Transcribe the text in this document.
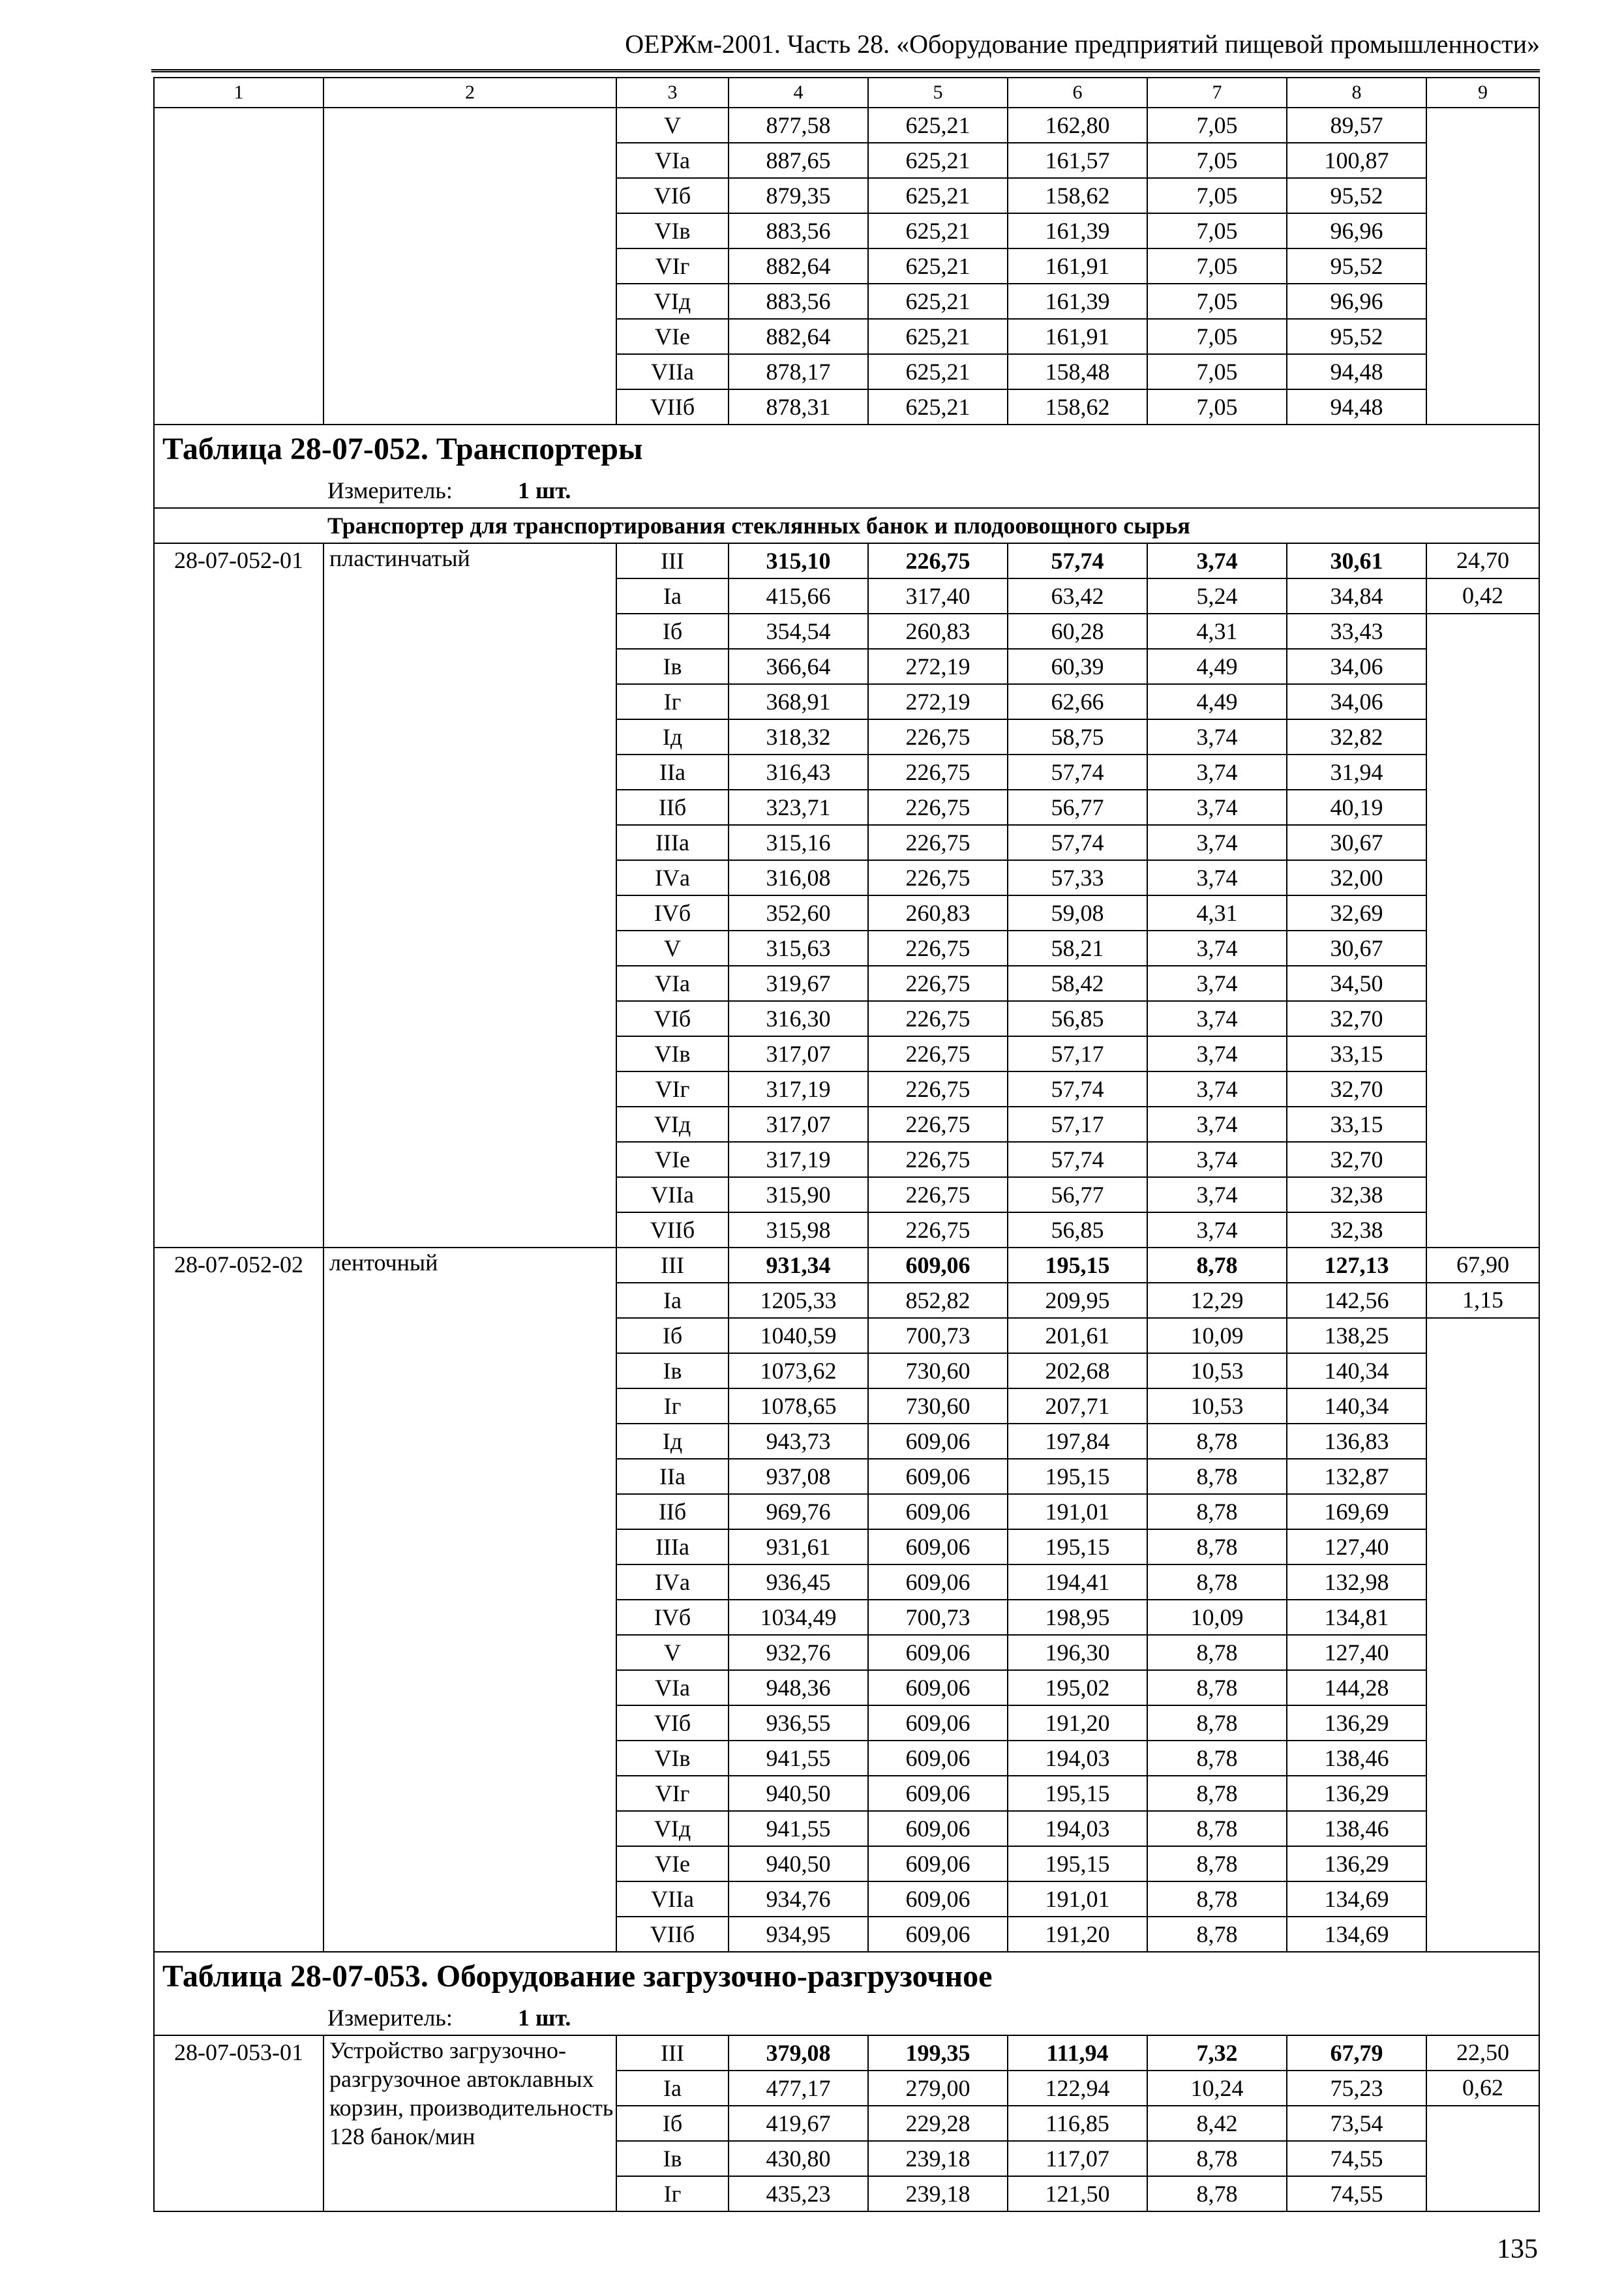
ОЕРЖм-2001. Часть 28. «Оборудование предприятий пищевой промышленности»
1	2	3	4	5	6	7	8	9
		V	877,58	625,21	162,80	7,05	89,57	
		VIа	887,65	625,21	161,57	7,05	100,87	
		VIб	879,35	625,21	158,62	7,05	95,52	
		VIв	883,56	625,21	161,39	7,05	96,96	
		VIг	882,64	625,21	161,91	7,05	95,52	
		VIд	883,56	625,21	161,39	7,05	96,96	
		VIе	882,64	625,21	161,91	7,05	95,52	
		VIIа	878,17	625,21	158,48	7,05	94,48	
		VIIб	878,31	625,21	158,62	7,05	94,48	
Таблица 28-07-052. Транспортеры								
Измеритель: 1 шт.								
Транспортер для транспортирования стеклянных банок и плодоовощного сырья								
28-07-052-01	пластинчатый	III	315,10	226,75	57,74	3,74	30,61	24,70
		Iа	415,66	317,40	63,42	5,24	34,84	0,42
		Iб	354,54	260,83	60,28	4,31	33,43	
		Iв	366,64	272,19	60,39	4,49	34,06	
		Iг	368,91	272,19	62,66	4,49	34,06	
		Iд	318,32	226,75	58,75	3,74	32,82	
		IIа	316,43	226,75	57,74	3,74	31,94	
		IIб	323,71	226,75	56,77	3,74	40,19	
		IIIа	315,16	226,75	57,74	3,74	30,67	
		IVа	316,08	226,75	57,33	3,74	32,00	
		IVб	352,60	260,83	59,08	4,31	32,69	
		V	315,63	226,75	58,21	3,74	30,67	
		VIа	319,67	226,75	58,42	3,74	34,50	
		VIб	316,30	226,75	56,85	3,74	32,70	
		VIв	317,07	226,75	57,17	3,74	33,15	
		VIг	317,19	226,75	57,74	3,74	32,70	
		VIд	317,07	226,75	57,17	3,74	33,15	
		VIе	317,19	226,75	57,74	3,74	32,70	
		VIIа	315,90	226,75	56,77	3,74	32,38	
		VIIб	315,98	226,75	56,85	3,74	32,38	
28-07-052-02	ленточный	III	931,34	609,06	195,15	8,78	127,13	67,90
		Iа	1205,33	852,82	209,95	12,29	142,56	1,15
		Iб	1040,59	700,73	201,61	10,09	138,25	
		Iв	1073,62	730,60	202,68	10,53	140,34	
		Iг	1078,65	730,60	207,71	10,53	140,34	
		Iд	943,73	609,06	197,84	8,78	136,83	
		IIа	937,08	609,06	195,15	8,78	132,87	
		IIб	969,76	609,06	191,01	8,78	169,69	
		IIIа	931,61	609,06	195,15	8,78	127,40	
		IVа	936,45	609,06	194,41	8,78	132,98	
		IVб	1034,49	700,73	198,95	10,09	134,81	
		V	932,76	609,06	196,30	8,78	127,40	
		VIа	948,36	609,06	195,02	8,78	144,28	
		VIб	936,55	609,06	191,20	8,78	136,29	
		VIв	941,55	609,06	194,03	8,78	138,46	
		VIг	940,50	609,06	195,15	8,78	136,29	
		VIд	941,55	609,06	194,03	8,78	138,46	
		VIе	940,50	609,06	195,15	8,78	136,29	
		VIIа	934,76	609,06	191,01	8,78	134,69	
		VIIб	934,95	609,06	191,20	8,78	134,69	
Таблица 28-07-053. Оборудование загрузочно-разгрузочное								
Измеритель: 1 шт.								
28-07-053-01	Устройство загрузочно-разгрузочное автоклавных корзин, производительность 128 банок/мин	III	379,08	199,35	111,94	7,32	67,79	22,50
		Iа	477,17	279,00	122,94	10,24	75,23	0,62
		Iб	419,67	229,28	116,85	8,42	73,54	
		Iв	430,80	239,18	117,07	8,78	74,55	
		Iг	435,23	239,18	121,50	8,78	74,55	
135
